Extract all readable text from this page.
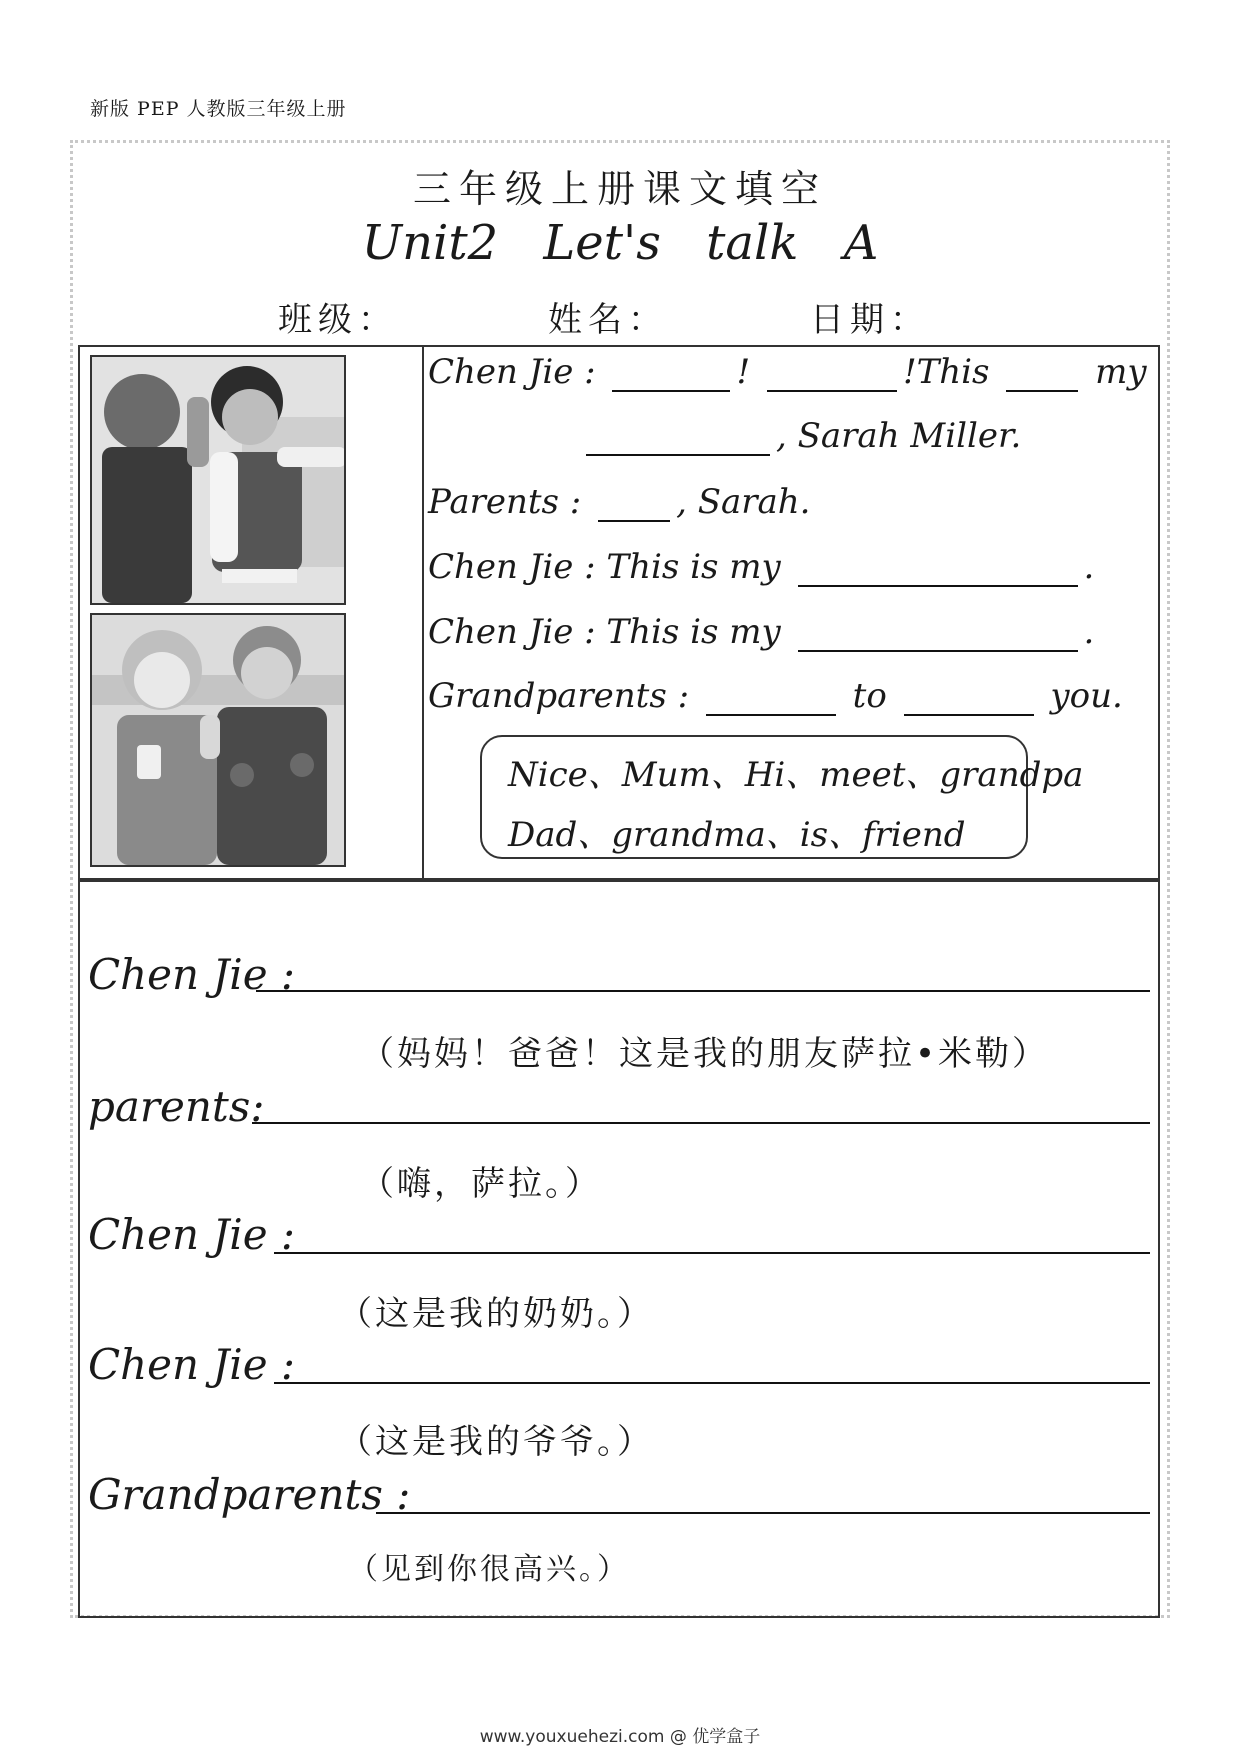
新版 PEP 人教版三年级上册
三年级上册课文填空
Unit2 Let's talk A
班级：	姓名：	日期：
Chen Jie :	!	!This	my
, Sarah Miller.
Parents :	, Sarah.
Chen Jie : This is my	.
Chen Jie : This is my	.
Grandparents :	to	you.
Nice、Mum、Hi、meet、grandpa
Dad、grandma、is、friend
Chen Jie :
（妈妈！爸爸！这是我的朋友萨拉•米勒）
parents:
（嗨，萨拉。）
Chen Jie :
（这是我的奶奶。）
Chen Jie :
（这是我的爷爷。）
Grandparents :
（见到你很高兴。）
www.youxuehezi.com @ 优学盒子
